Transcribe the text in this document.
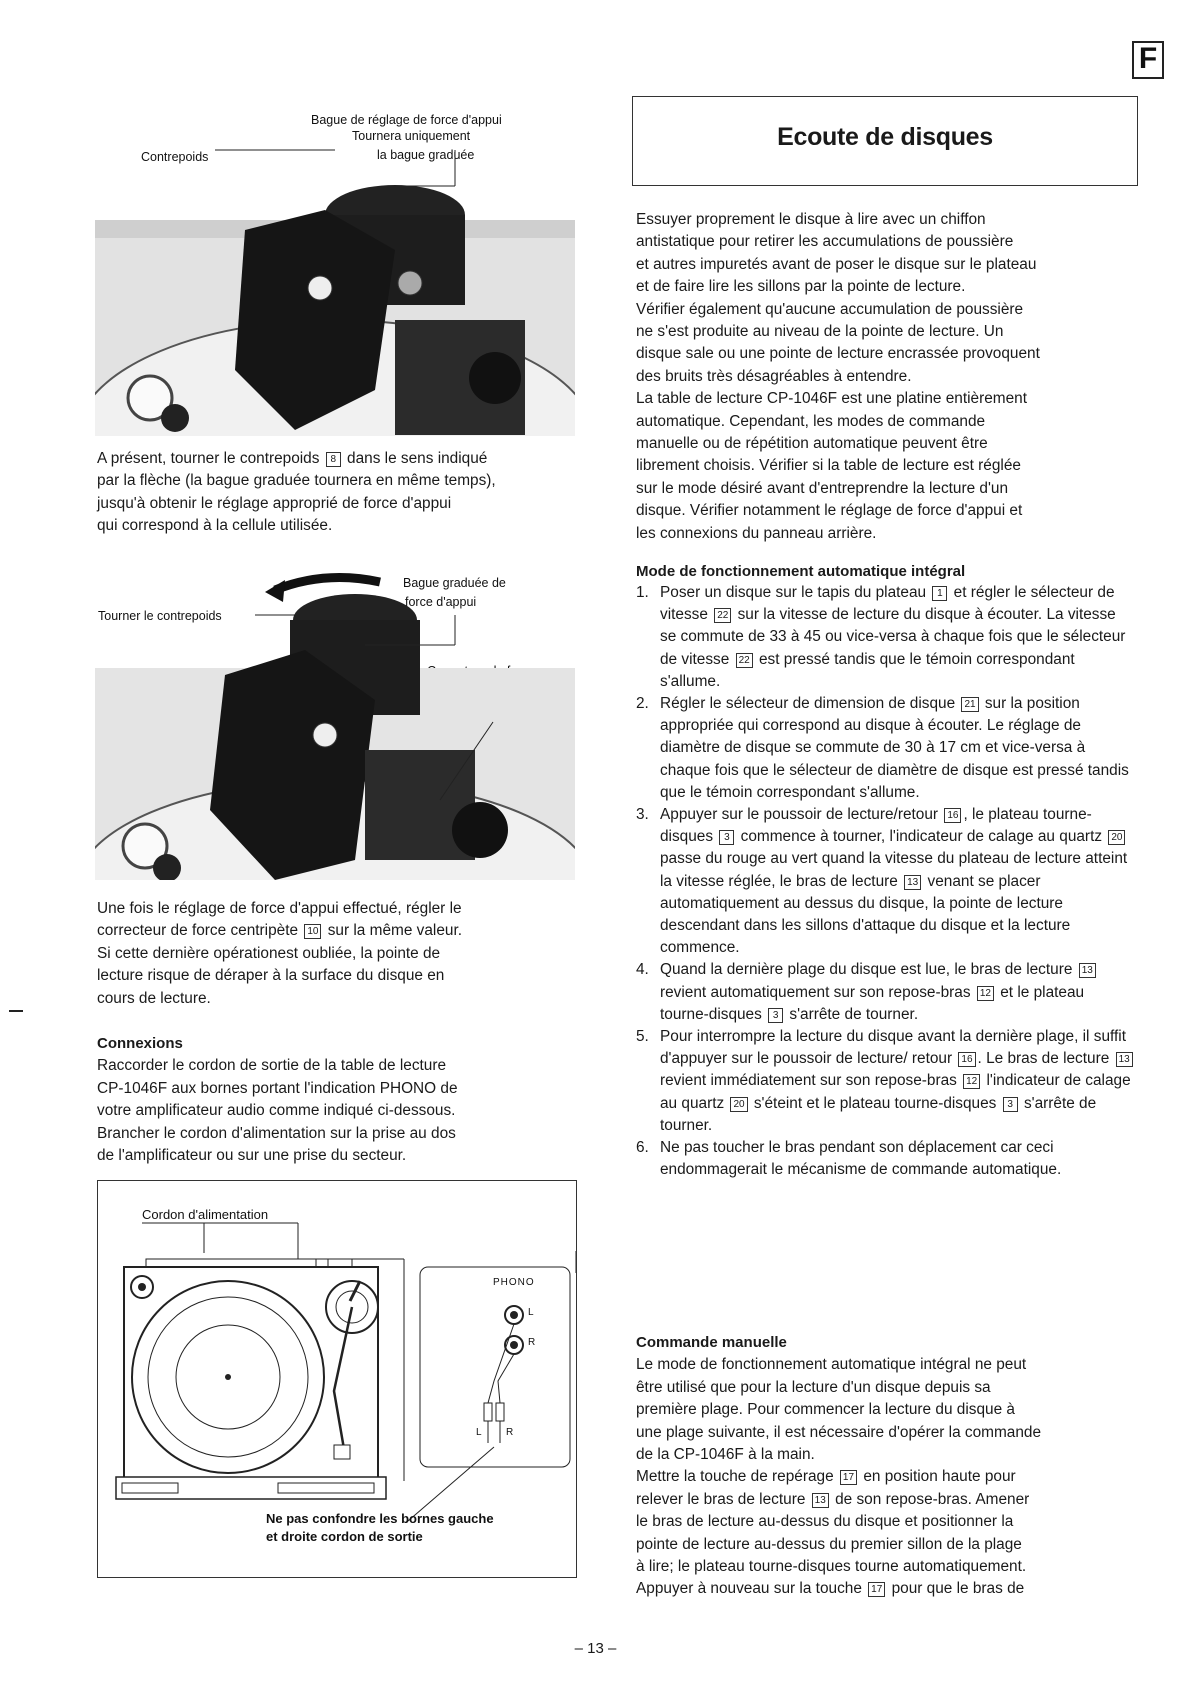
F
Bague de réglage de force d'appui
Tournera uniquement
la bague graduée
Contrepoids

A présent, tourner le contrepoids 8 dans le sens indiqué

par la flèche (la bague graduée tournera en même temps),

jusqu'à obtenir le réglage approprié de force d'appui

qui correspond à la cellule utilisée.

Bague graduée de
force d'appui
Tourner le contrepoids

Une fois le réglage de force d'appui effectué, régler le

correcteur de force centripète 10 sur la même valeur.

Si cette dernière opérationest oubliée, la pointe de

lecture risque de déraper à la surface du disque en

cours de lecture.

Connexions

Raccorder le cordon de sortie de la table de lecture

CP-1046F aux bornes portant l'indication PHONO de

votre amplificateur audio comme indiqué ci-dessous.

Brancher le cordon d'alimentation sur la prise au dos

de l'amplificateur ou sur une prise du secteur.

Cordon d'alimentation
PHONO
L
R
L R
Ne pas confondre les bornes gauche
et droite cordon de sortie
Ecoute de disques

Essuyer proprement le disque à lire avec un chiffon

antistatique pour retirer les accumulations de poussière

et autres impuretés avant de poser le disque sur le plateau

et de faire lire les sillons par la pointe de lecture.

Vérifier également qu'aucune accumulation de poussière

ne s'est produite au niveau de la pointe de lecture. Un

disque sale ou une pointe de lecture encrassée provoquent

des bruits très désagréables à entendre.

La table de lecture CP-1046F est une platine entièrement

automatique. Cependant, les modes de commande

manuelle ou de répétition automatique peuvent être

librement choisis. Vérifier si la table de lecture est réglée

sur le mode désiré avant d'entreprendre la lecture d'un

disque. Vérifier notamment le réglage de force d'appui et

les connexions du panneau arrière.

Mode de fonctionnement automatique intégral
1. Poser un disque sur le tapis du plateau 1 et régler le sélecteur de vitesse 22 sur la vitesse de lecture du disque à écouter. La vitesse se commute de 33 à 45 ou vice-versa à chaque fois que le sélecteur de vitesse 22 est pressé tandis que le témoin correspondant s'allume.
2. Régler le sélecteur de dimension de disque 21 sur la position appropriée qui correspond au disque à écouter. Le réglage de diamètre de disque se commute de 30 à 17 cm et vice-versa à chaque fois que le sélecteur de diamètre de disque est pressé tandis que le témoin correspondant s'allume.
3. Appuyer sur le poussoir de lecture/retour 16 , le plateau tourne-disques 3 commence à tourner, l'indicateur de calage au quartz 20 passe du rouge au vert quand la vitesse du plateau de lecture atteint la vitesse réglée, le bras de lecture 13 venant se placer automatiquement au dessus du disque, la pointe de lecture descendant dans les sillons d'attaque du disque et la lecture commence.
4. Quand la dernière plage du disque est lue, le bras de lecture 13 revient automatiquement sur son repose-bras 12 et le plateau tourne-disques 3 s'arrête de tourner.
5. Pour interrompre la lecture du disque avant la dernière plage, il suffit d'appuyer sur le poussoir de lecture/ retour 16 . Le bras de lecture 13 revient immédiatement sur son repose-bras 12 l'indicateur de calage au quartz 20 s'éteint et le plateau tourne-disques 3 s'arrête de tourner.
6. Ne pas toucher le bras pendant son déplacement car ceci endommagerait le mécanisme de commande automatique.

Commande manuelle

Le mode de fonctionnement automatique intégral ne peut

être utilisé que pour la lecture d'un disque depuis sa

première plage. Pour commencer la lecture du disque à

une plage suivante, il est nécessaire d'opérer la commande

de la CP-1046F à la main.

Mettre la touche de repérage 17 en position haute pour

relever le bras de lecture 13 de son repose-bras. Amener

le bras de lecture au-dessus du disque et positionner la

pointe de lecture au-dessus du premier sillon de la plage

à lire; le plateau tourne-disques tourne automatiquement.

Appuyer à nouveau sur la touche 17 pour que le bras de

– 13 –
